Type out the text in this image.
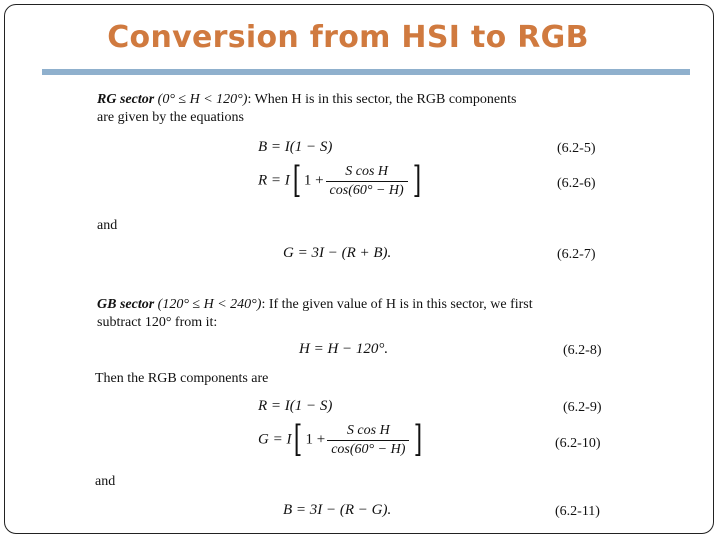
Conversion from HSI to RGB
RG sector (0° ≤ H < 120°): When H is in this sector, the RGB components
are given by the equations
B = I(1 − S)	(6.2-5)
R = I[ $1 + \frac{\text{S cos H}}{\cos(60^\circ - H)}$ ]	(6.2-6)
and
G = 3I − (R + B).	(6.2-7)
GB sector (120° ≤ H < 240°): If the given value of H is in this sector, we first
subtract 120° from it:
H = H − 120°.	(6.2-8)
Then the RGB components are
R = I(1 − S)	(6.2-9)
G = I[ $1 + \frac{\text{S cos H}}{\cos(60^\circ - H)}$ ]	(6.2-10)
and
B = 3I − (R − G).	(6.2-11)
